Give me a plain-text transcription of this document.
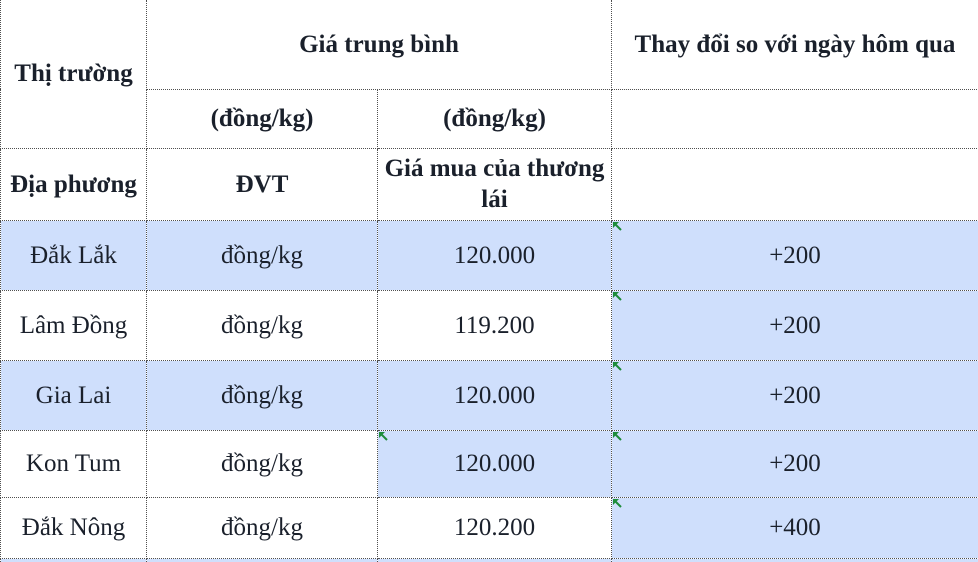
Thị trường	Giá trung bình		Thay đổi so với ngày hôm qua
	(đồng/kg)	(đồng/kg)	
Địa phương	ĐVT	Giá mua của thương lái	
Đắk Lắk	đồng/kg	120.000	+200
Lâm Đồng	đồng/kg	119.200	+200
Gia Lai	đồng/kg	120.000	+200
Kon Tum	đồng/kg	120.000	+200
Đắk Nông	đồng/kg	120.200	+400
